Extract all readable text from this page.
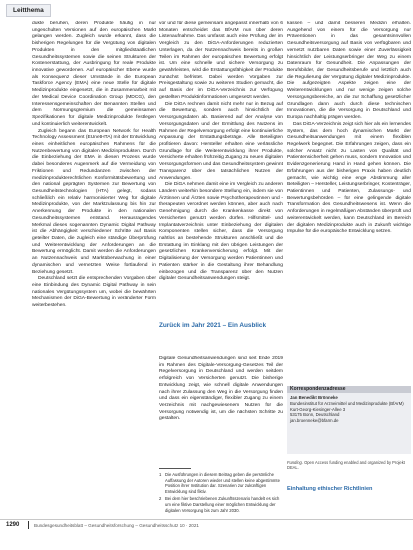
Leitthema

dukte beruhen, deren Produkte häufig in nur ungeschulten Versionen auf den europäischen Markt gelangen werden. Zugleich wurde erkannt, dass die bisherigen Regelungen für die Vergütung von digitalen Produkten in den mitgliedstaatlichen Gesundheitssystemen sowie die seinen Strukturen der Kostenerstattung, der Ausbringung für reale Produkte innovative gewordenen. Auf europäischer Ebene wurde als Konsequenz dieser Umstände in die European Taskforce Agency (EMA) eine neue Stelle für digitale Medizinprodukte eingesetzt, die in Zusammenarbeit mit der Medical Device Coordination Group (MDCG), den Interessensgemeinschaften der Benannten Stellen und dem Normungsgremium die gemeinsamen Spezifikationen für digitale Medizinprodukte festlegen und kontinuierlich weiterentwickelt.

Zugleich begann das European Network for Health Technology Assessment (EUnetHTA) mit der Entwicklung eines einheitlichen europäischen Rahmens für die Nutzenbewertung von digitalen Medizinprodukten. Durch die Einbeziehung der EMA in diesen Prozess wurde dabei besonderes Augenmerk auf die Vermeidung von Friktionen und Redundanzen zwischen der medizinprodukterechtlichen Konformitätsbewertung und den national geprägten Systemen zur Bewertung von Gesundheitstechnologien (HTA) gelegt, sodass schließlich ein relativ harmonisierter Weg für digitale Medizinprodukte, von der Marktzulassung bis hin zur Anerkennung der Produkte in den nationalen Gesundheitssystemen entstand. Herausragendes Merkmal dieses sogenannten Dynamic Digital Pathway ist die Abhängigkeit verschiedener Schritte auf Basis geteilter Daten, die zugleich eine ständige Überprüfung und Weiterentwicklung der Anforderungen an die Bewertung ermöglicht. Damit werden die Anforderungen an Nutzennachweis und Marktüberwachung in einer dynamischen und vernetzten Weise fortlaufend in Beziehung gesetzt.

Deutschland setzt die entsprechenden Vorgaben über eine Einbindung des Dynamic Digital Pathway in sein nationales Vergütungssystem um, wobei die bewährten Mechanismen der DiGA-Bewertung in veränderter Form weiterbestehen.

vor und für diese gemeinsam angepasst innerhalb von 6 Monaten entscheidet das BfArM nun über deren Listenaufnahme. Das umfasst auch eine Prüfung der im Vergleich zu den DiGA-Anforderungen reduzierten Unterlagen, da der Nutzennachweis bereits in großen Teilen im Rahmen der europäischen Bewertung erfolgt ist. Um eine schnelle und sichere Versorgung zu gewährleisten, wird die Erstattungsfähigkeit der Produkte zunächst befristet. Dabei werden Vorgaben zur Preisgestaltung sowie zu weiteren Studien gemacht, die auf Basis der im DiGA-Verzeichnis zur Verfügung gestellten Produktinformationen umgesetzt werden.

Die DiGA rechnen damit nicht mehr nur in Bezug auf die Bewertung, sondern auch hinsichtlich der Versorgungsdaten ab. Basierend auf der Analyse von Versorgungsdaten und der Ermittlung des Nutzens im Rahmen der Regelversorgung erfolgt eine kontinuierliche Anpassung der Erstattungsbeträge. Alle Beteiligten profitieren davon: Hersteller erhalten eine verlässliche Grundlage für die Weiterentwicklung ihrer Produkte, Versicherte erhalten frühzeitig Zugang zu neuen digitalen Versorgungsformen und das Gesundheitssystem gewinnt Transparenz über den tatsächlichen Nutzen der Anwendungen.

Die DiGA nehmen damit eine im Vergleich zu anderen Ländern weiterhin besondere Stellung ein, indem sie von Ärztinnen und Ärzten sowie Psychotherapeutinnen und -therapeuten verordnet werden können, aber auch nach Genehmigung durch die Krankenkasse direkt von Versicherten genutzt werden dürfen. Hilfsmittel- und Implantatverzeichnis unter Einbeziehung der digitalen Komponenten stellen sicher, dass die Versorgung nahtlos an bestehende Strukturen anschließt und die Erstattung im Einklang mit den übrigen Leistungen der gesetzlichen Krankenversicherung erfolgt. Mit der Digitalisierung der Versorgung werden Patientinnen und Patienten stärker in die Gestaltung ihrer Behandlung einbezogen und die Transparenz über den Nutzen digitaler Gesundheitsanwendungen steigt.

Zurück im Jahr 2021 – Ein Ausblick

Digitale Gesundheitsanwendungen sind seit Ende 2019 im Rahmen des Digitale-Versorgung-Gesetzes Teil der Regelversorgung in Deutschland und werden seitdem erfolgreich von Versicherten genutzt. Die bisherige Entwicklung zeigt, wie schnell digitale Anwendungen nach ihrer Zulassung den Weg in die Versorgung finden und dass ein eigenständiger, flexibler Zugang zu einem Verzeichnis mit nachgewiesenem Nutzen für die Versorgung notwendig ist, um die nächsten Schritte zu gestalten.

1 Die Ausführungen in diesem Beitrag geben die persönliche Auffassung der Autoren wieder und stellen keine abgestimmte Position ihrer Institution dar. Szenarien zur zukünftigen Entwicklung sind fiktiv.
2 Bei dem hier beschriebenen Zukunftsszenario handelt es sich um eine fiktive Darstellung einer möglichen Entwicklung der digitalen Versorgung bis zum Jahr 2030.

kassen – und damit besseren Medizin erhalten. Ausgehend von einem für die Versorgung nur Präventionen in das gesamtsinnvollen Gesundheitsversorgung auf Basis von verfügbaren und vernetzt nutzbaren Daten sowie einer Zuverlässigkeit hinsichtlich der Leistungserbringer der Weg zu einem Datenraum für Gesundheit. Die Anpassungen der Berufsbilder, der Gesundheitsberufe und letztlich auch die Regulierung der Vergütung digitaler Medizinprodukte. Die aufgezeigten Aspekte zeigen eine der Weiterentwicklungen und nur wenige zeigen solche Versorgungsbereiche, an die zur Schaffung gesetzlicher Grundlagen dann auch durch diese technischen Innovationen, die die Versorgung in Deutschland und Europa nachhaltig prägen werden.

Das DiGA-Verzeichnis zeigt sich hier als ein lernendes System, das dem hoch dynamischen Markt der Gesundheitsanwendungen mit einem flexiblen Regelwerk begegnet. Die Erfahrungen zeigen, dass ein solcher Ansatz nicht zu Lasten von Qualität und Patientensicherheit gehen muss, sondern Innovation und Evidenzgenerierung Hand in Hand gehen können. Die Erfahrungen aus der bisherigen Praxis haben deutlich gemacht, wie wichtig eine enge Abstimmung aller Beteiligten – Hersteller, Leistungserbringer, Kostenträger, Patientinnen und Patienten, Zulassungs- und Bewertungsbehörden – für eine gelingende digitale Transformation des Gesundheitswesens ist. Wenn die Anforderungen in regelmäßigen Abständen überprüft und weiterentwickelt werden, kann Deutschland im Bereich der digitalen Medizinprodukte auch in Zukunft wichtige Impulse für die europäische Entwicklung setzen.

Korrespondenzadresse
Jan Benedikt Brönneke
Bundesinstitut für Arzneimittel und Medizinprodukte (BfArM)
Kurt-Georg-Kiesinger-Allee 3
53175 Bonn, Deutschland
jan.broenneke@bfarm.de
Funding. Open Access funding enabled and organized by Projekt DEAL.
Einhaltung ethischer Richtlinien
1290	Bundesgesundheitsblatt – Gesundheitsforschung – Gesundheitsschutz 10 · 2021
